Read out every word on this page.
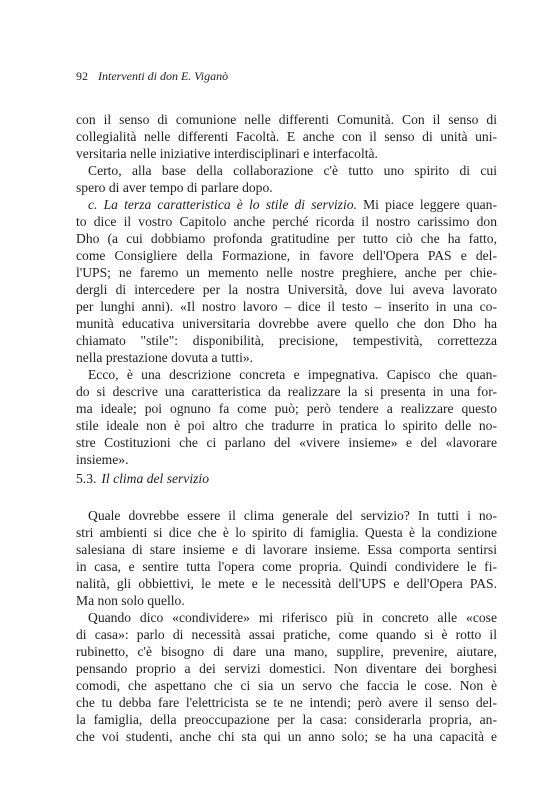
92 Interventi di don E. Viganò
con il senso di comunione nelle differenti Comunità. Con il senso di
collegialità nelle differenti Facoltà. E anche con il senso di unità uni-
versitaria nelle iniziative interdisciplinari e interfacoltà.
Certo, alla base della collaborazione c'è tutto uno spirito di cui
spero di aver tempo di parlare dopo.
c. La terza caratteristica è lo stile di servizio. Mi piace leggere quan-
to dice il vostro Capitolo anche perché ricorda il nostro carissimo don
Dho (a cui dobbiamo profonda gratitudine per tutto ciò che ha fatto,
come Consigliere della Formazione, in favore dell'Opera PAS e del-
l'UPS; ne faremo un memento nelle nostre preghiere, anche per chie-
dergli di intercedere per la nostra Università, dove lui aveva lavorato
per lunghi anni). «Il nostro lavoro – dice il testo – inserito in una co-
munità educativa universitaria dovrebbe avere quello che don Dho ha
chiamato "stile": disponibilità, precisione, tempestività, correttezza
nella prestazione dovuta a tutti».
Ecco, è una descrizione concreta e impegnativa. Capisco che quan-
do si descrive una caratteristica da realizzare la si presenta in una for-
ma ideale; poi ognuno fa come può; però tendere a realizzare questo
stile ideale non è poi altro che tradurre in pratica lo spirito delle no-
stre Costituzioni che ci parlano del «vivere insieme» e del «lavorare
insieme».
5.3. Il clima del servizio
Quale dovrebbe essere il clima generale del servizio? In tutti i no-
stri ambienti si dice che è lo spirito di famiglia. Questa è la condizione
salesiana di stare insieme e di lavorare insieme. Essa comporta sentirsi
in casa, e sentire tutta l'opera come propria. Quindi condividere le fi-
nalità, gli obbiettivi, le mete e le necessità dell'UPS e dell'Opera PAS.
Ma non solo quello.
Quando dico «condividere» mi riferisco più in concreto alle «cose
di casa»: parlo di necessità assai pratiche, come quando si è rotto il
rubinetto, c'è bisogno di dare una mano, supplire, prevenire, aiutare,
pensando proprio a dei servizi domestici. Non diventare dei borghesi
comodi, che aspettano che ci sia un servo che faccia le cose. Non è
che tu debba fare l'elettricista se te ne intendi; però avere il senso del-
la famiglia, della preoccupazione per la casa: considerarla propria, an-
che voi studenti, anche chi sta qui un anno solo; se ha una capacità e
